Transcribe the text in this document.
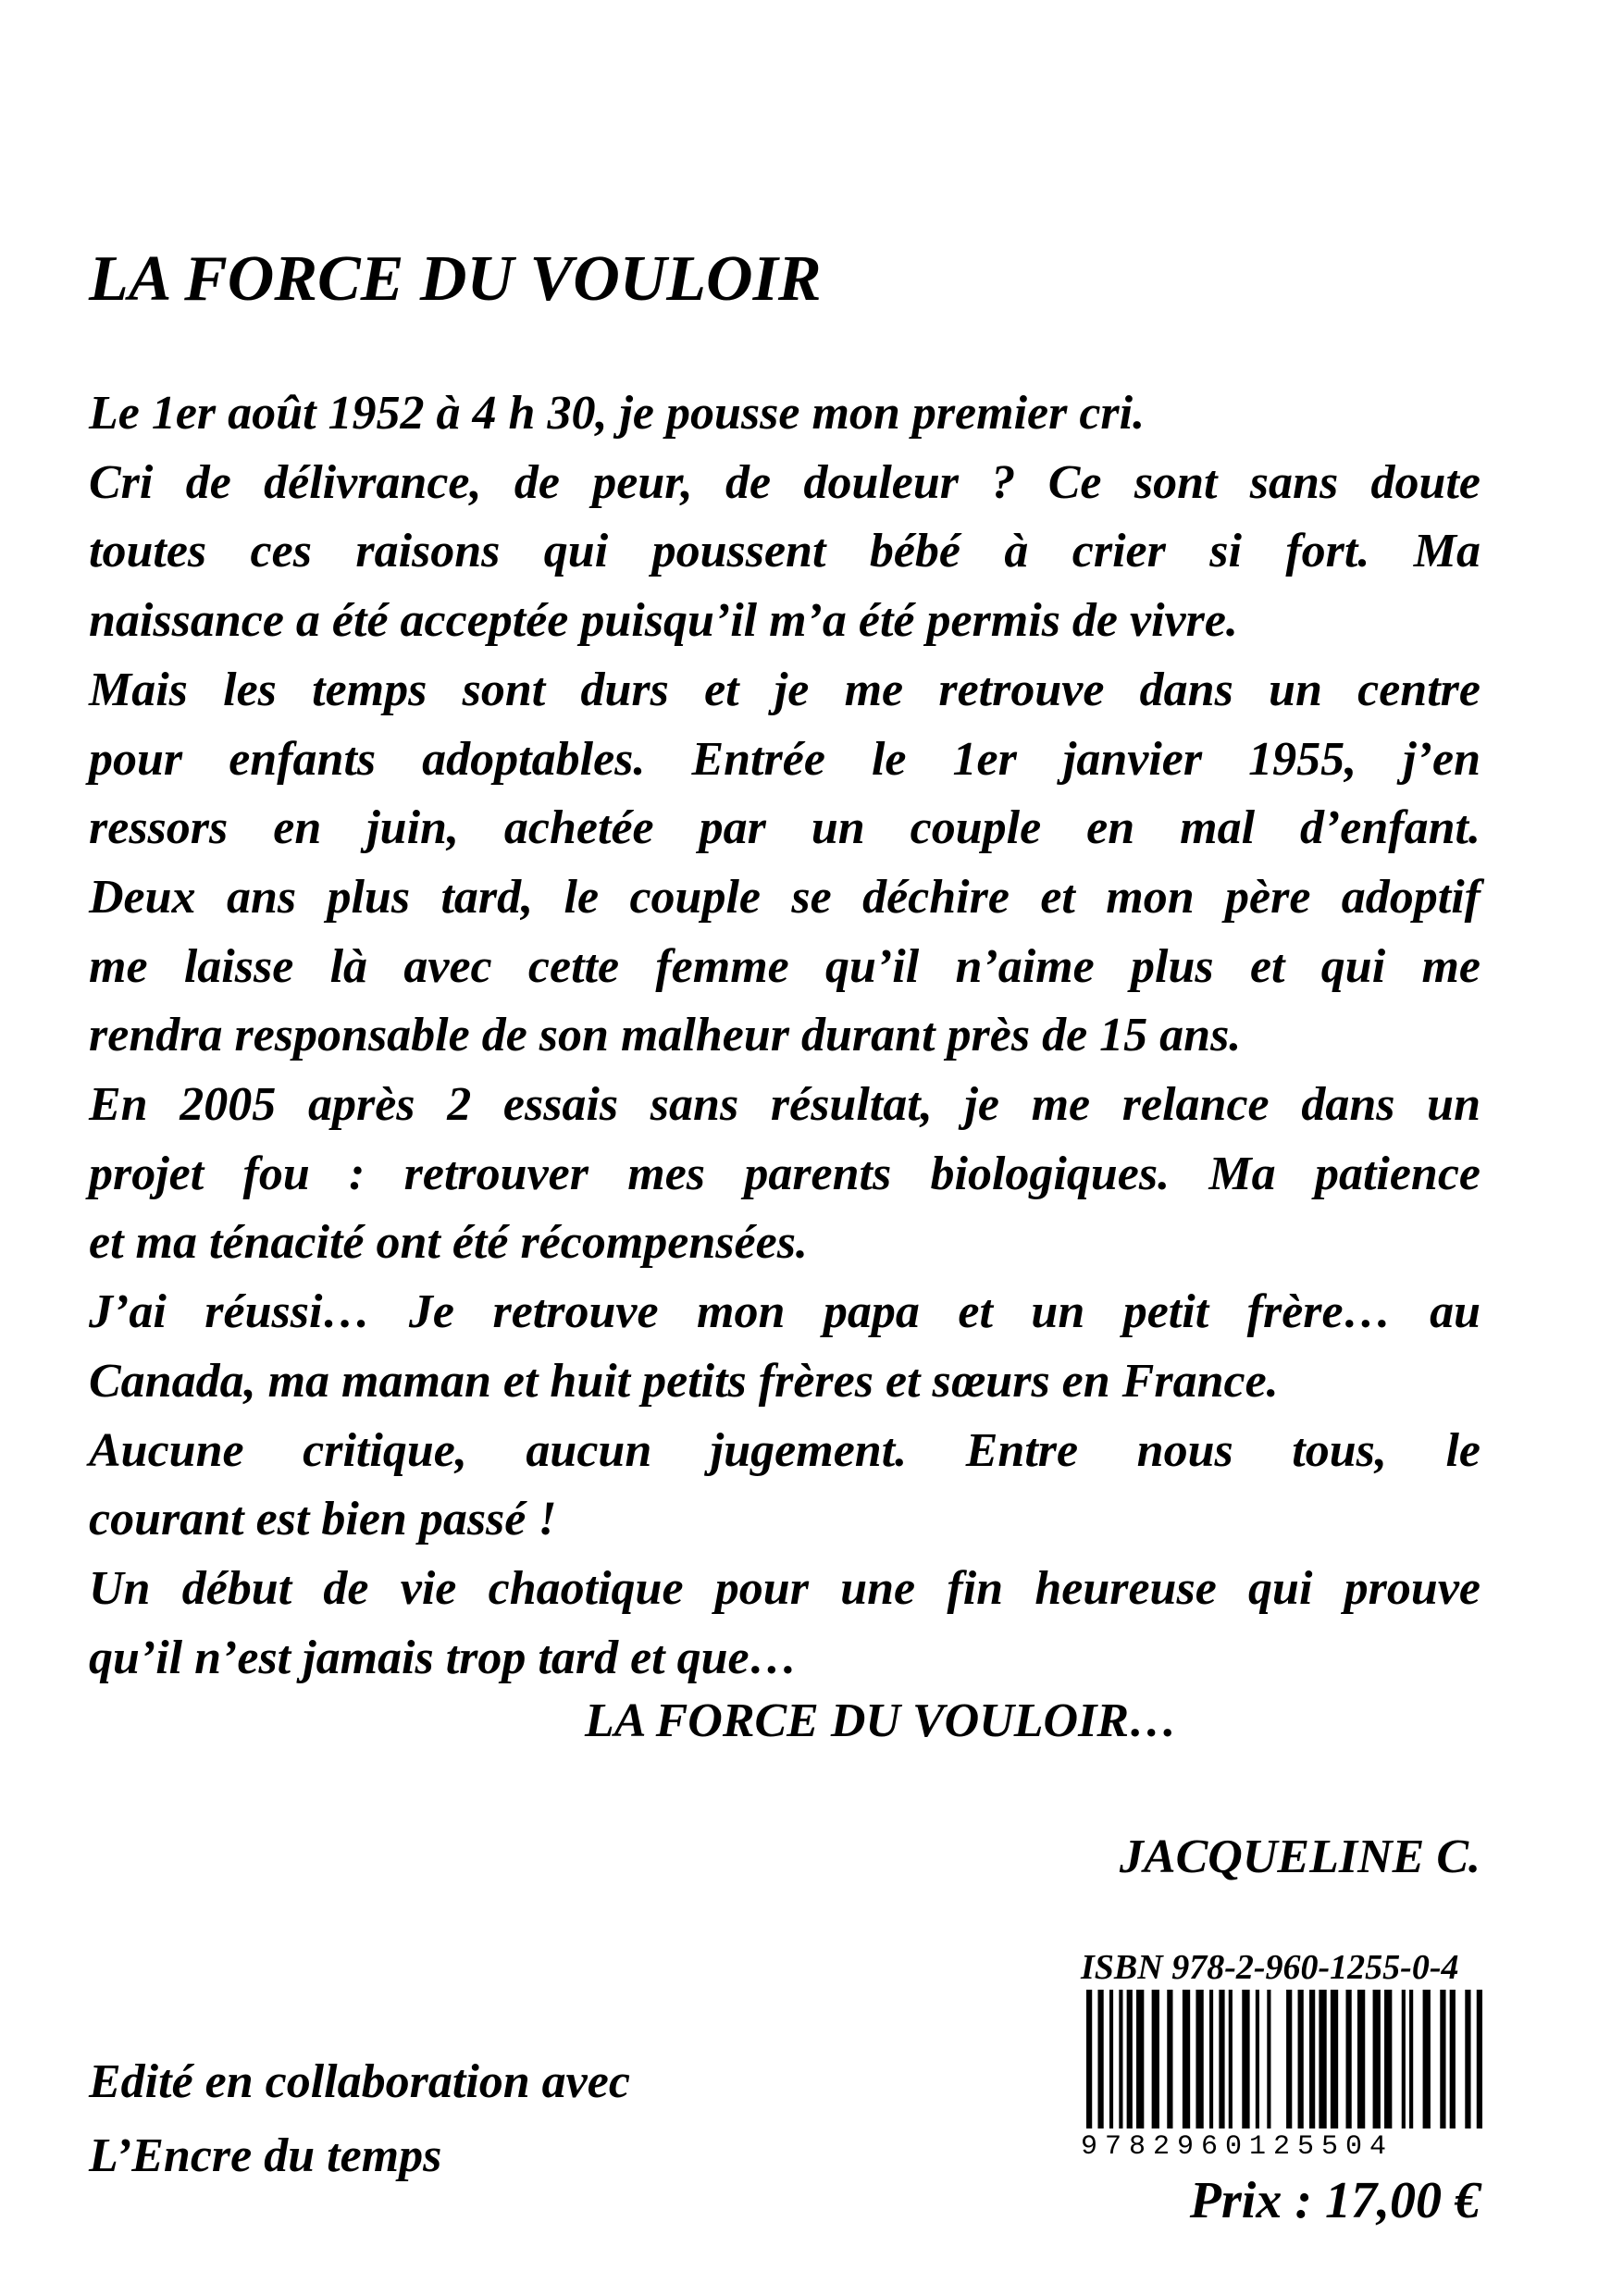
LA FORCE DU VOULOIR
Le 1er août 1952 à 4 h 30, je pousse mon premier cri.
Cri de délivrance, de peur, de douleur ? Ce sont sans doute
toutes ces raisons qui poussent bébé à crier si fort. Ma
naissance a été acceptée puisqu’il m’a été permis de vivre.
Mais les temps sont durs et je me retrouve dans un centre
pour enfants adoptables. Entrée le 1er janvier 1955, j’en
ressors en juin, achetée par un couple en mal d’enfant.
Deux ans plus tard, le couple se déchire et mon père adoptif
me laisse là avec cette femme qu’il n’aime plus et qui me
rendra responsable de son malheur durant près de 15 ans.
En 2005 après 2 essais sans résultat, je me relance dans un
projet fou : retrouver mes parents biologiques. Ma patience
et ma ténacité ont été récompensées.
J’ai réussi… Je retrouve mon papa et un petit frère… au
Canada, ma maman et huit petits frères et sœurs en France.
Aucune critique, aucun jugement. Entre nous tous, le
courant est bien passé !
Un début de vie chaotique pour une fin heureuse qui prouve
qu’il n’est jamais trop tard et que…
LA FORCE DU VOULOIR…
JACQUELINE C.
ISBN 978-2-960-1255-0-4
9782960125504
Edité en collaboration avec
L’Encre du temps
Prix : 17,00 €
